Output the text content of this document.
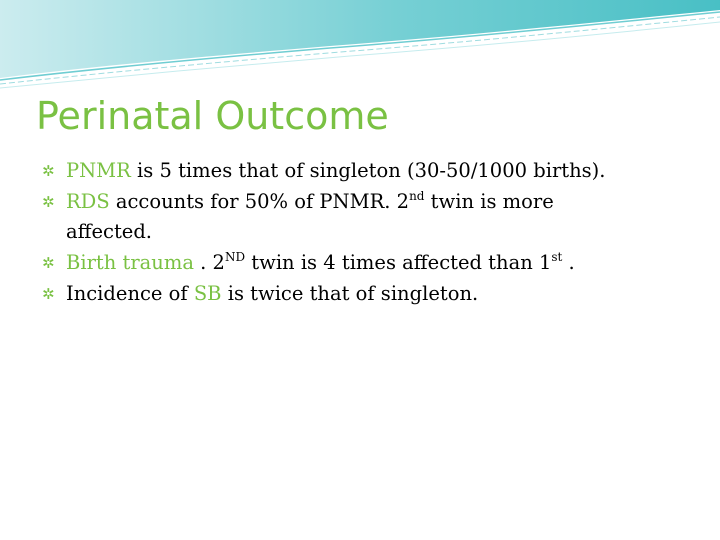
Perinatal Outcome
✲ PNMR is 5 times that of singleton (30-50/1000 births).
✲ RDS accounts for 50% of PNMR. 2nd twin is more affected.
✲ Birth trauma . 2ND twin is 4 times affected than 1st .
✲ Incidence of SB is twice that of singleton.
